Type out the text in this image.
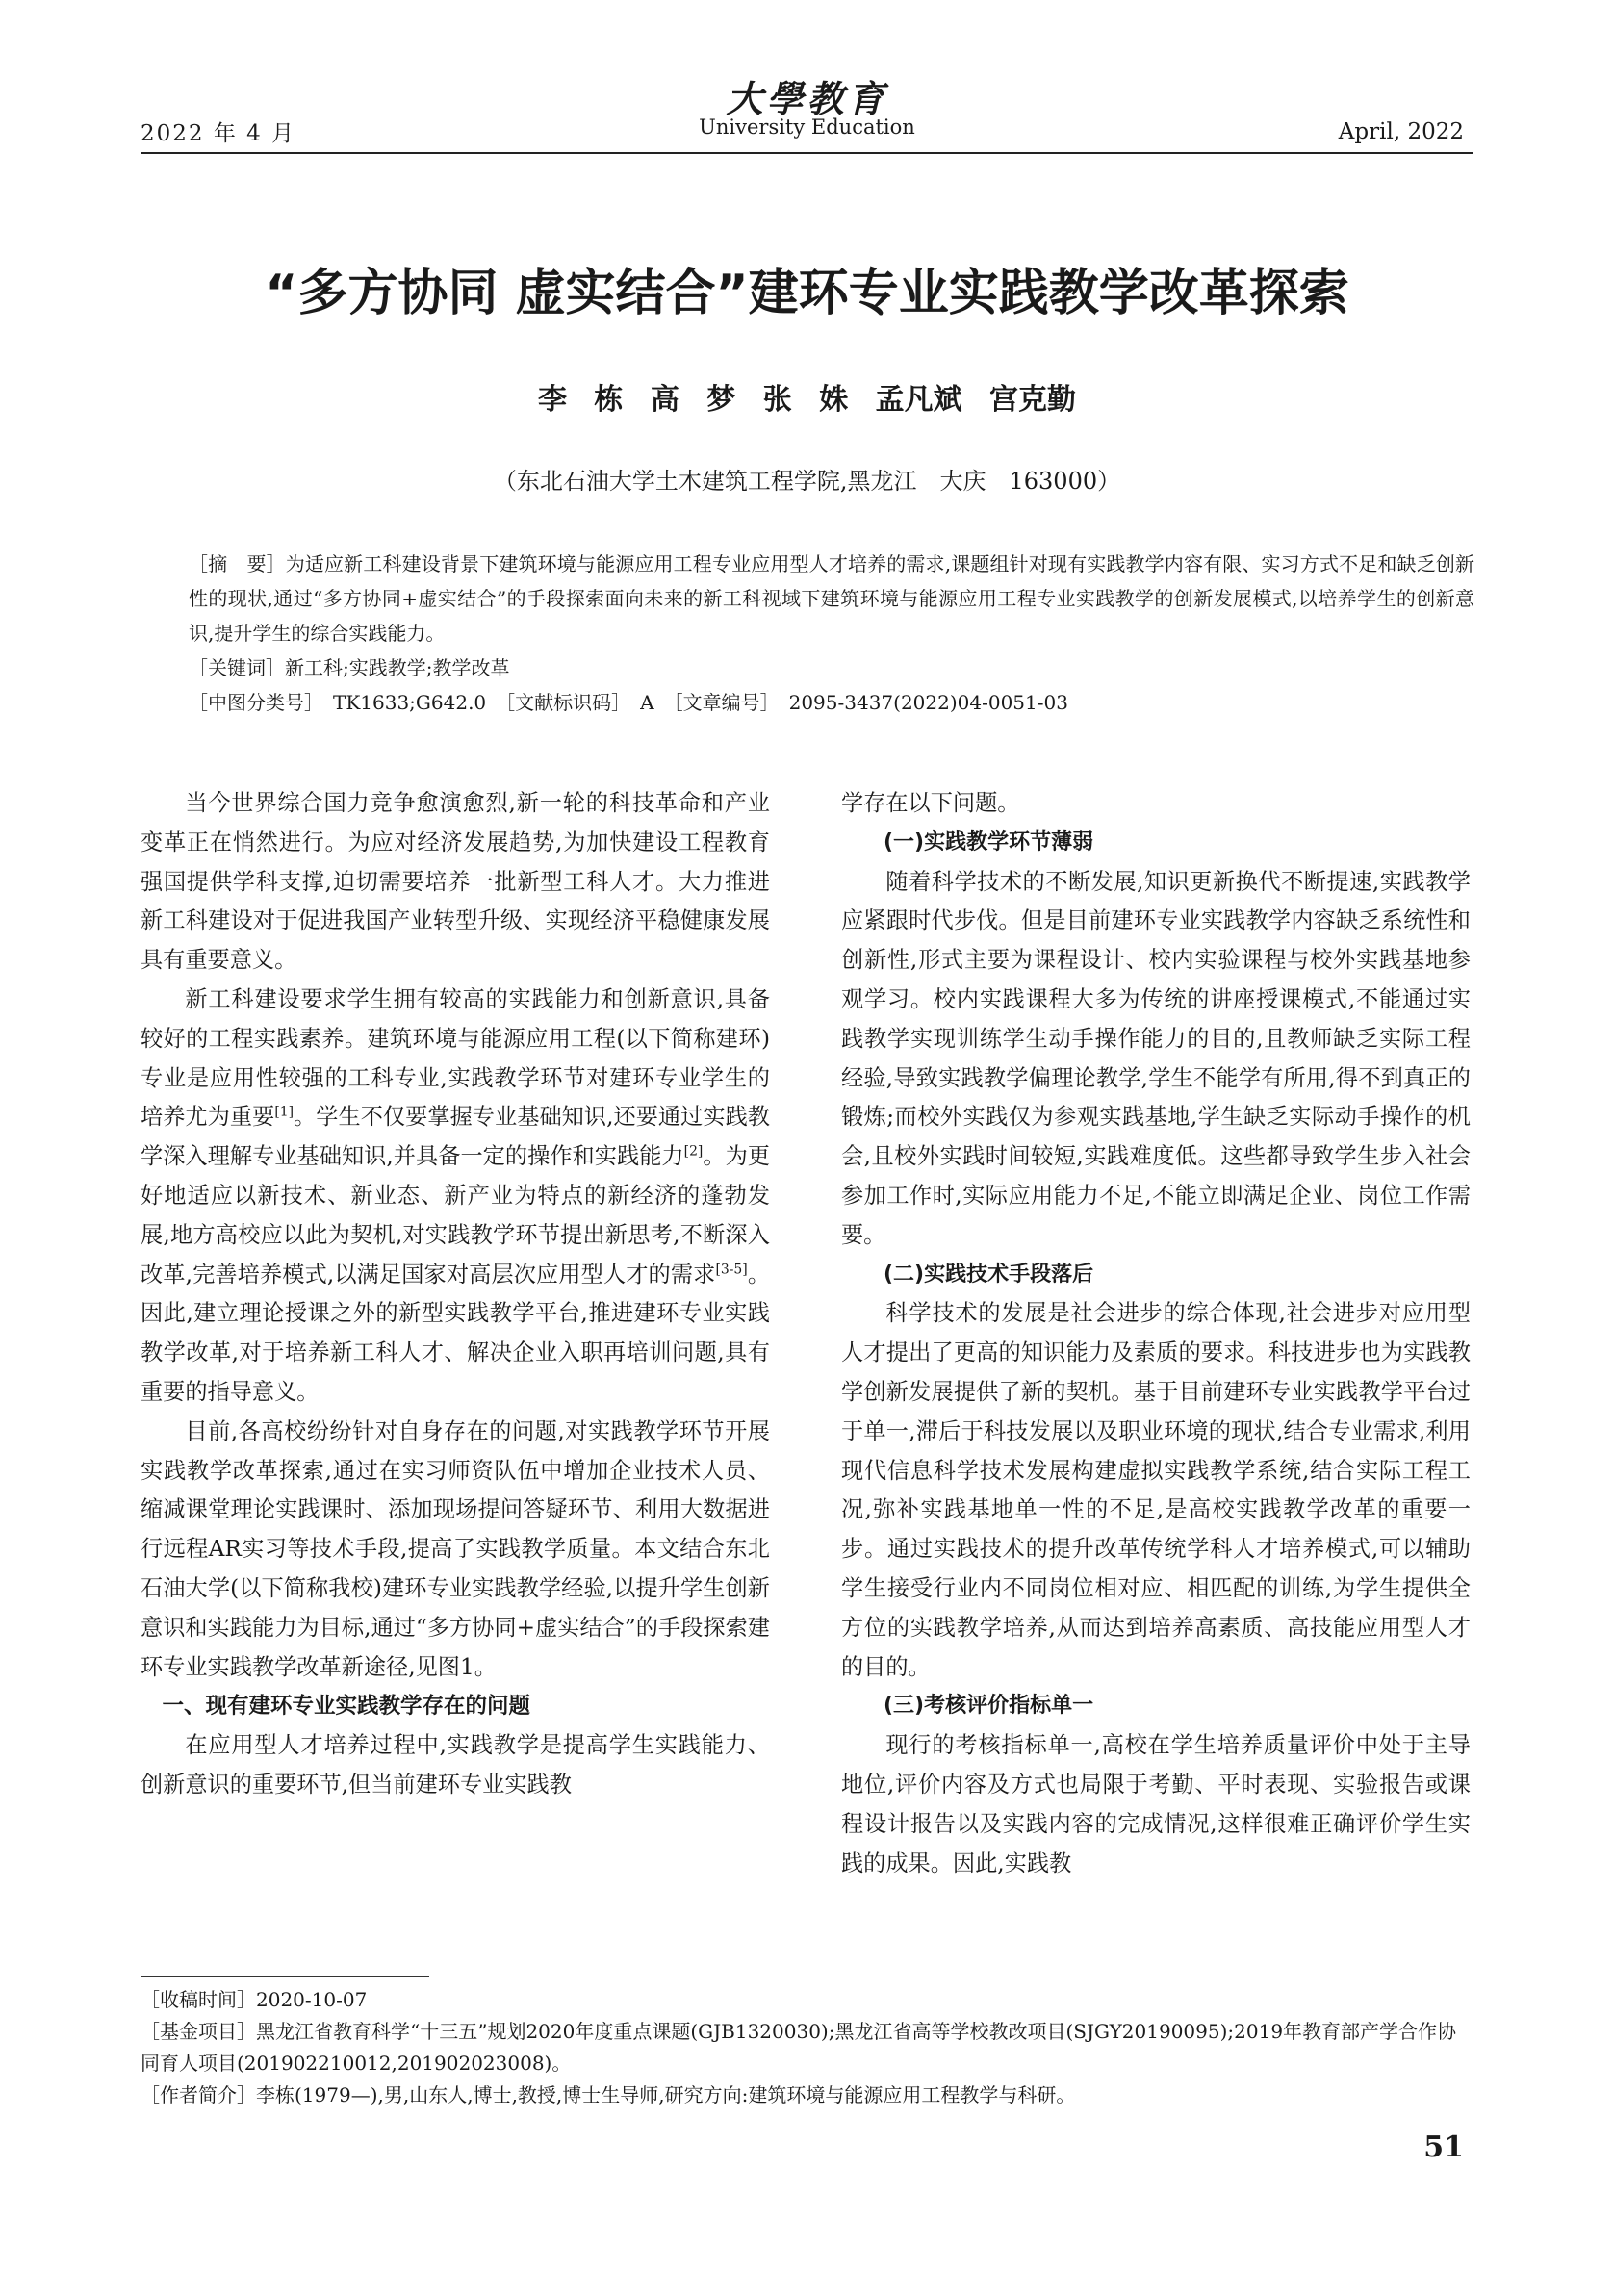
2022 年 4 月
大學教育
University Education	April, 2022
“多方协同 虚实结合”建环专业实践教学改革探索
李 栋 高 梦 张 姝 孟凡斌 宫克勤
（东北石油大学土木建筑工程学院,黑龙江　大庆　163000）

［摘　要］为适应新工科建设背景下建筑环境与能源应用工程专业应用型人才培养的需求,课题组针对现有实践教学内容有限、实习方式不足和缺乏创新性的现状,通过“多方协同+虚实结合”的手段探索面向未来的新工科视域下建筑环境与能源应用工程专业实践教学的创新发展模式,以培养学生的创新意识,提升学生的综合实践能力。

［关键词］新工科;实践教学;教学改革

［中图分类号］　TK1633;G642.0　［文献标识码］　A　［文章编号］　2095-3437(2022)04-0051-03

当今世界综合国力竞争愈演愈烈,新一轮的科技革命和产业变革正在悄然进行。为应对经济发展趋势,为加快建设工程教育强国提供学科支撑,迫切需要培养一批新型工科人才。大力推进新工科建设对于促进我国产业转型升级、实现经济平稳健康发展具有重要意义。

新工科建设要求学生拥有较高的实践能力和创新意识,具备较好的工程实践素养。建筑环境与能源应用工程(以下简称建环)专业是应用性较强的工科专业,实践教学环节对建环专业学生的培养尤为重要[1]。学生不仅要掌握专业基础知识,还要通过实践教学深入理解专业基础知识,并具备一定的操作和实践能力[2]。为更好地适应以新技术、新业态、新产业为特点的新经济的蓬勃发展,地方高校应以此为契机,对实践教学环节提出新思考,不断深入改革,完善培养模式,以满足国家对高层次应用型人才的需求[3-5]。因此,建立理论授课之外的新型实践教学平台,推进建环专业实践教学改革,对于培养新工科人才、解决企业入职再培训问题,具有重要的指导意义。

目前,各高校纷纷针对自身存在的问题,对实践教学环节开展实践教学改革探索,通过在实习师资队伍中增加企业技术人员、缩减课堂理论实践课时、添加现场提问答疑环节、利用大数据进行远程AR实习等技术手段,提高了实践教学质量。本文结合东北石油大学(以下简称我校)建环专业实践教学经验,以提升学生创新意识和实践能力为目标,通过“多方协同+虚实结合”的手段探索建环专业实践教学改革新途径,见图1。

一、现有建环专业实践教学存在的问题

在应用型人才培养过程中,实践教学是提高学生实践能力、创新意识的重要环节,但当前建环专业实践教

学存在以下问题。

(一)实践教学环节薄弱

随着科学技术的不断发展,知识更新换代不断提速,实践教学应紧跟时代步伐。但是目前建环专业实践教学内容缺乏系统性和创新性,形式主要为课程设计、校内实验课程与校外实践基地参观学习。校内实践课程大多为传统的讲座授课模式,不能通过实践教学实现训练学生动手操作能力的目的,且教师缺乏实际工程经验,导致实践教学偏理论教学,学生不能学有所用,得不到真正的锻炼;而校外实践仅为参观实践基地,学生缺乏实际动手操作的机会,且校外实践时间较短,实践难度低。这些都导致学生步入社会参加工作时,实际应用能力不足,不能立即满足企业、岗位工作需要。

(二)实践技术手段落后

科学技术的发展是社会进步的综合体现,社会进步对应用型人才提出了更高的知识能力及素质的要求。科技进步也为实践教学创新发展提供了新的契机。基于目前建环专业实践教学平台过于单一,滞后于科技发展以及职业环境的现状,结合专业需求,利用现代信息科学技术发展构建虚拟实践教学系统,结合实际工程工况,弥补实践基地单一性的不足,是高校实践教学改革的重要一步。通过实践技术的提升改革传统学科人才培养模式,可以辅助学生接受行业内不同岗位相对应、相匹配的训练,为学生提供全方位的实践教学培养,从而达到培养高素质、高技能应用型人才的目的。

(三)考核评价指标单一

现行的考核指标单一,高校在学生培养质量评价中处于主导地位,评价内容及方式也局限于考勤、平时表现、实验报告或课程设计报告以及实践内容的完成情况,这样很难正确评价学生实践的成果。因此,实践教

［收稿时间］2020-10-07

［基金项目］黑龙江省教育科学“十三五”规划2020年度重点课题(GJB1320030);黑龙江省高等学校教改项目(SJGY20190095);2019年教育部产学合作协同育人项目(201902210012,201902023008)。

［作者简介］李栋(1979—),男,山东人,博士,教授,博士生导师,研究方向:建筑环境与能源应用工程教学与科研。

51
